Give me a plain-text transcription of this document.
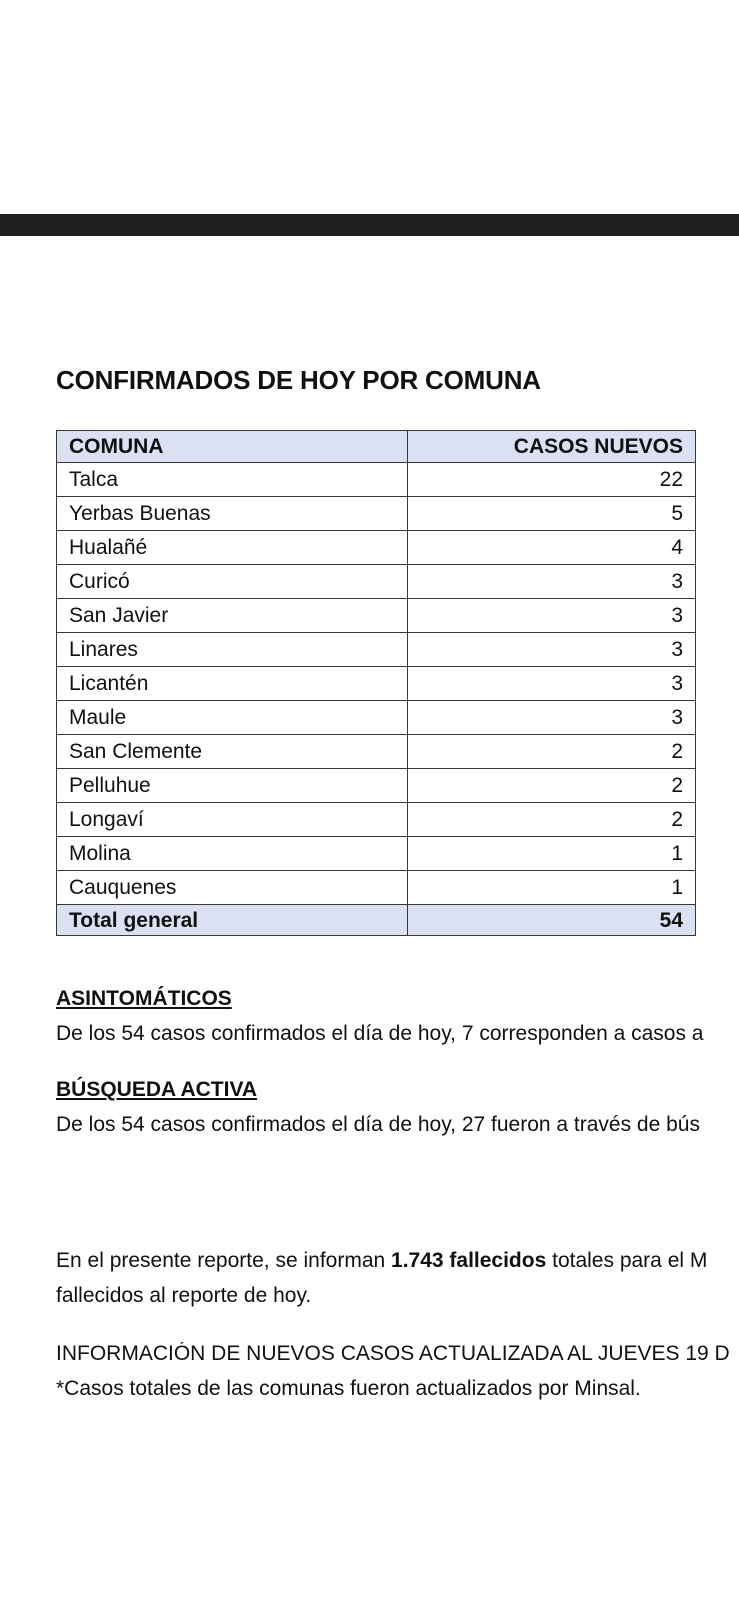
CONFIRMADOS DE HOY POR COMUNA
COMUNA	CASOS NUEVOS
Talca	22
Yerbas Buenas	5
Hualañé	4
Curicó	3
San Javier	3
Linares	3
Licantén	3
Maule	3
San Clemente	2
Pelluhue	2
Longaví	2
Molina	1
Cauquenes	1
Total general	54
ASINTOMÁTICOS

De los 54 casos confirmados el día de hoy, 7 corresponden a casos a

BÚSQUEDA ACTIVA

De los 54 casos confirmados el día de hoy, 27 fueron a través de bús

En el presente reporte, se informan 1.743 fallecidos totales para el M

fallecidos al reporte de hoy.

INFORMACIÓN DE NUEVOS CASOS ACTUALIZADA AL JUEVES 19 D

*Casos totales de las comunas fueron actualizados por Minsal.
